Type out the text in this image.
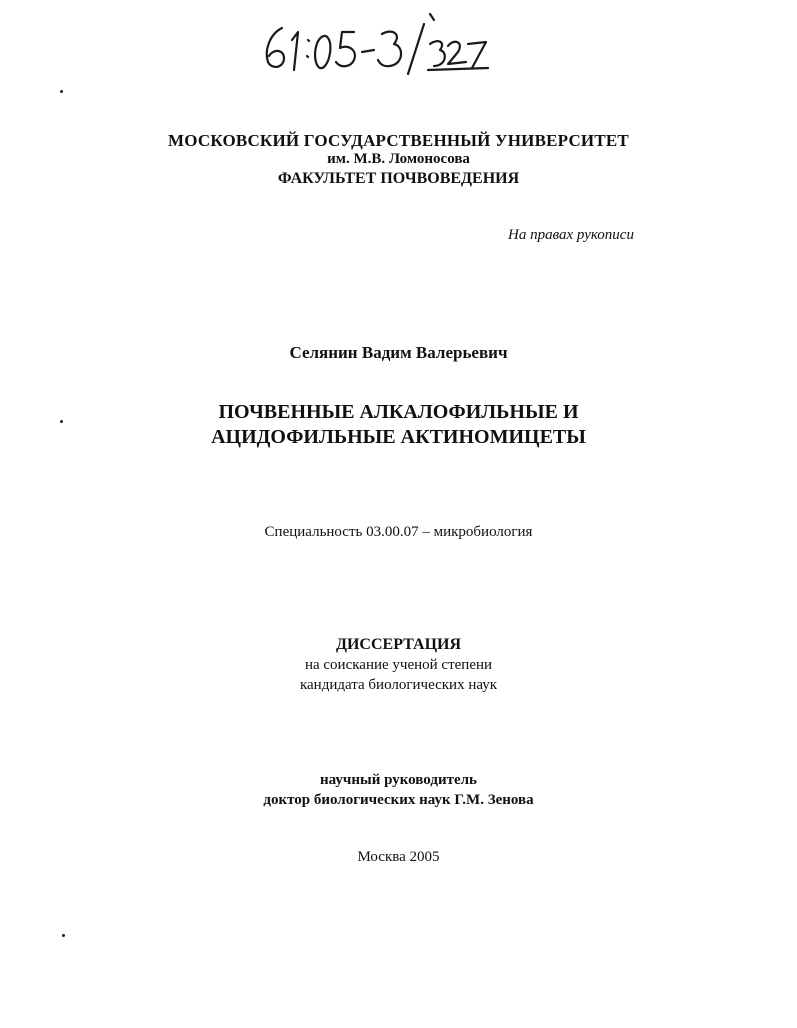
МОСКОВСКИЙ ГОСУДАРСТВЕННЫЙ УНИВЕРСИТЕТ
им. М.В. Ломоносова
ФАКУЛЬТЕТ ПОЧВОВЕДЕНИЯ
На правах рукописи
Селянин Вадим Валерьевич
ПОЧВЕННЫЕ АЛКАЛОФИЛЬНЫЕ И
АЦИДОФИЛЬНЫЕ АКТИНОМИЦЕТЫ
Специальность 03.00.07 – микробиология
ДИССЕРТАЦИЯ
на соискание ученой степени
кандидата биологических наук
научный руководитель
доктор биологических наук Г.М. Зенова
Москва 2005
